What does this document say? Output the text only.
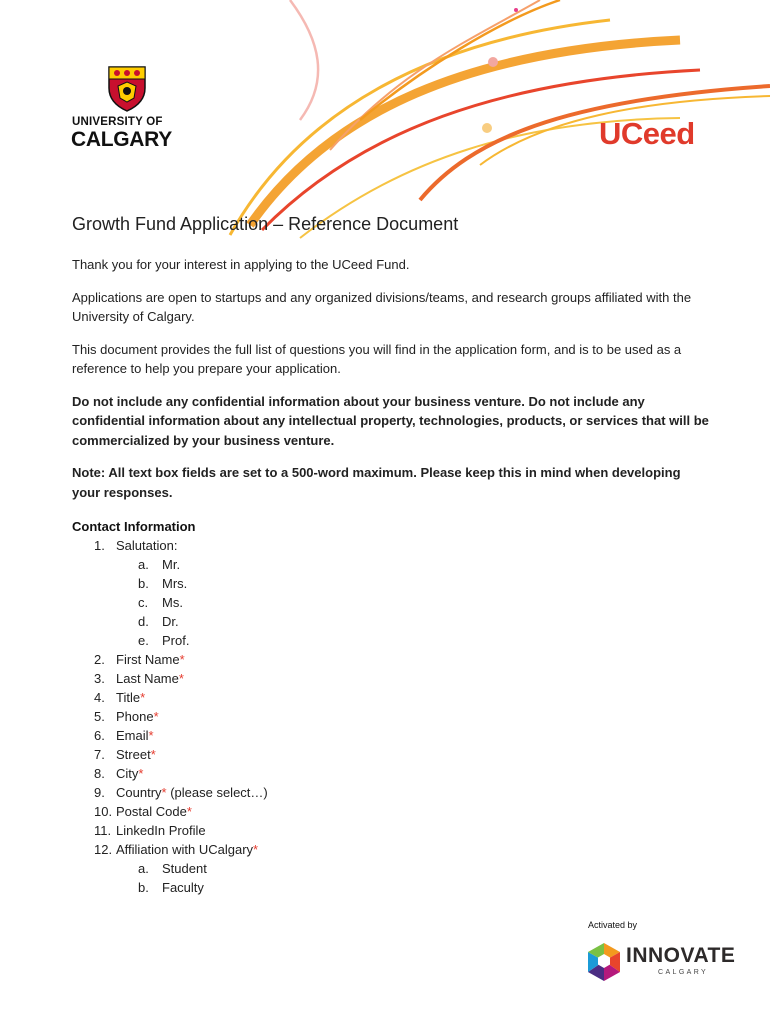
UNIVERSITY OF
CALGARY	UCeed
Growth Fund Application – Reference Document

Thank you for your interest in applying to the UCeed Fund.

Applications are open to startups and any organized divisions/teams, and research groups affiliated with the University of Calgary.

This document provides the full list of questions you will find in the application form, and is to be used as a reference to help you prepare your application.

Do not include any confidential information about your business venture. Do not include any confidential information about any intellectual property, technologies, products, or services that will be commercialized by your business venture.

Note: All text box fields are set to a 500-word maximum. Please keep this in mind when developing your responses.

Contact Information
1. Salutation:
a.	Mr.
b.	Mrs.
c.	Ms.
d.	Dr.
e.	Prof.
2. First Name*
3. Last Name*
4. Title*
5. Phone*
6. Email*
7. Street*
8. City*
9. Country* (please select…)
10. Postal Code*
11. LinkedIn Profile
12. Affiliation with UCalgary*
a.	Student
b.	Faculty
Activated by
INNOVATE
CALGARY
